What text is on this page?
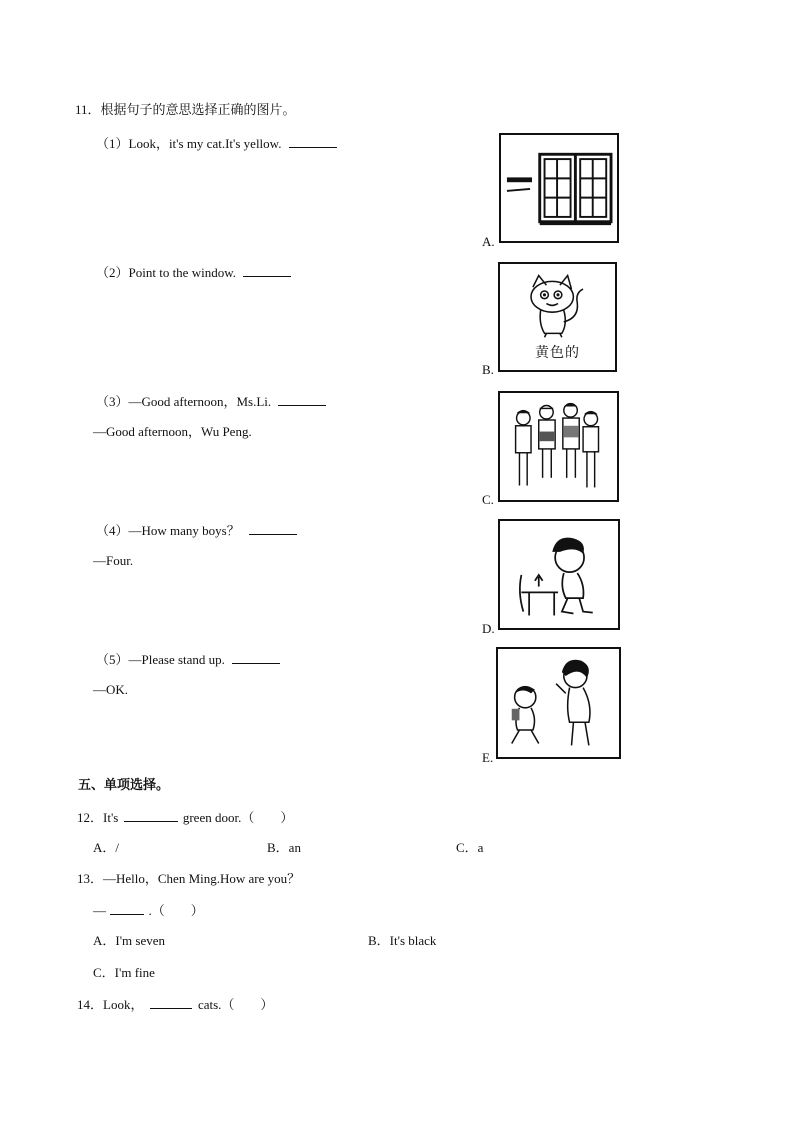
11．根据句子的意思选择正确的图片。
（1）Look，it's my cat.It's yellow.
（2）Point to the window.
（3）—Good afternoon，Ms.Li.
—Good afternoon，Wu Peng.
（4）—How many boys？
—Four.
（5）—Please stand up.
—OK.
A.
B.
黄色的
C.
D.
E.
五、单项选择。
12．It's	green door.（　　）
A．/	B．an	C．a
13．—Hello，Chen Ming.How are you？
—	.（　　）
A．I'm seven	B．It's black
C．I'm fine
14．Look，	cats.（　　）
